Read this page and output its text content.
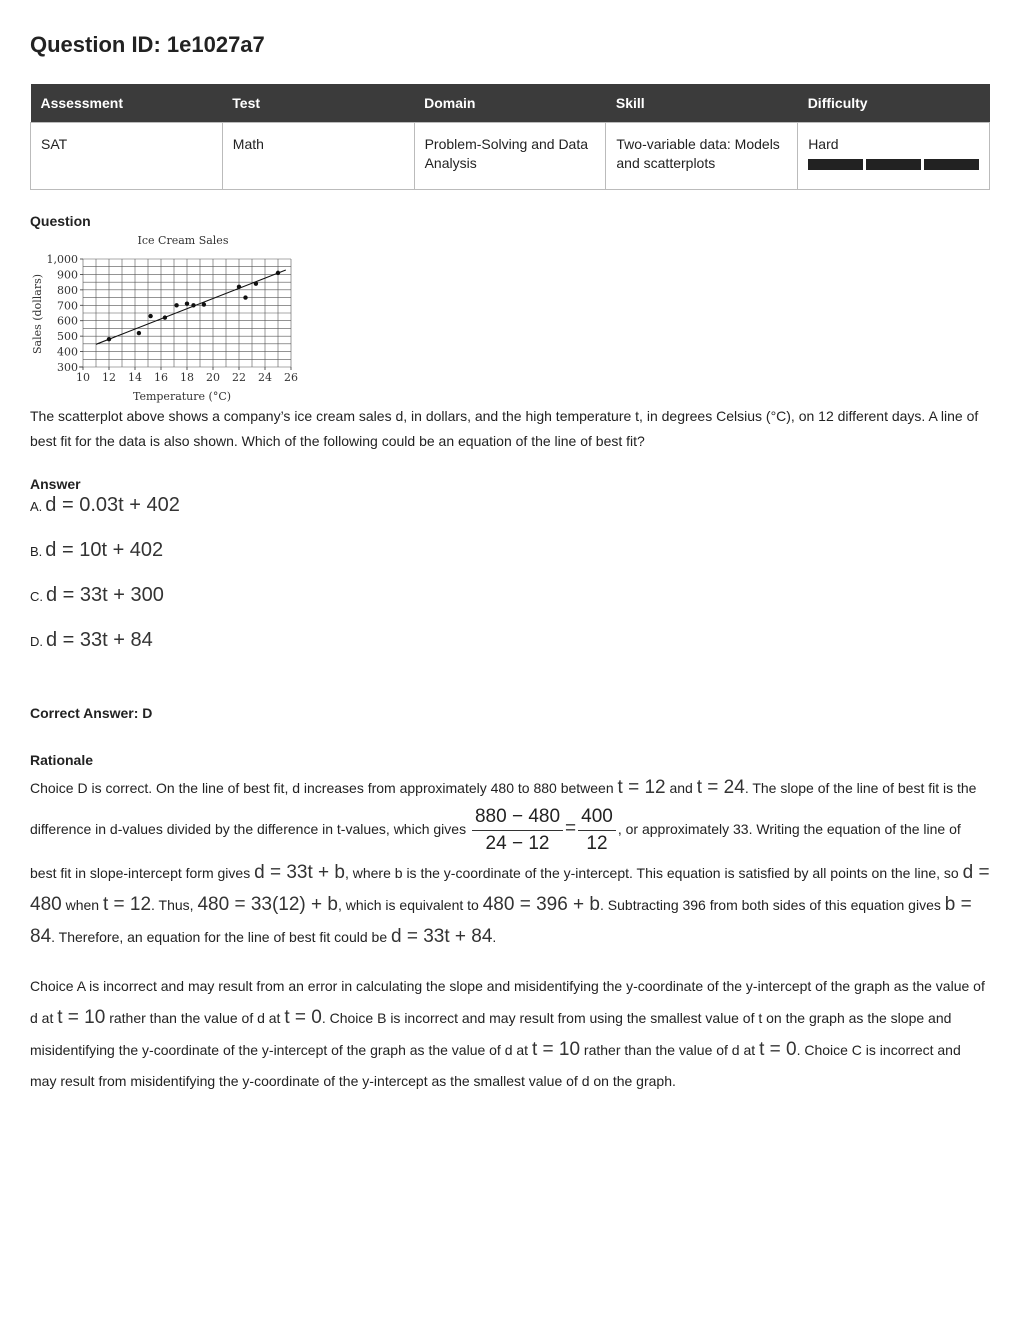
Question ID: 1e1027a7
Assessment	Test	Domain	Skill	Difficulty
SAT	Math	Problem-Solving and Data Analysis	Two-variable data: Models and scatterplots	Hard
Question
Ice Cream Sales
Sales (dollars)
Temperature (°C)
300
400
500
600
700
800
900
1,000
10 12 14 16 18 20 22 24 26
The scatterplot above shows a company’s ice cream sales d, in dollars, and the high temperature t, in degrees Celsius (°C), on 12 different days. A line of best fit for the data is also shown. Which of the following could be an equation of the line of best fit?
Answer
A. d = 0.03t + 402
B. d = 10t + 402
C. d = 33t + 300
D. d = 33t + 84
Correct Answer: D
Rationale

Choice D is correct. On the line of best fit, d increases from approximately 480 to 880 between t = 12 and t = 24. The slope of the line of best fit is the difference in d-values divided by the difference in t-values, which gives $\frac{880 - 480}{24 - 12} = \frac{400}{12}$ , or approximately 33. Writing the equation of the line of best fit in slope-intercept form gives d = 33t + b, where b is the y-coordinate of the y-intercept. This equation is satisfied by all points on the line, so d = 480 when t = 12. Thus, 480 = 33(12) + b, which is equivalent to 480 = 396 + b. Subtracting 396 from both sides of this equation gives b = 84. Therefore, an equation for the line of best fit could be d = 33t + 84.

Choice A is incorrect and may result from an error in calculating the slope and misidentifying the y-coordinate of the y-intercept of the graph as the value of d at t = 10 rather than the value of d at t = 0. Choice B is incorrect and may result from using the smallest value of t on the graph as the slope and misidentifying the y-coordinate of the y-intercept of the graph as the value of d at t = 10 rather than the value of d at t = 0. Choice C is incorrect and may result from misidentifying the y-coordinate of the y-intercept as the smallest value of d on the graph.
